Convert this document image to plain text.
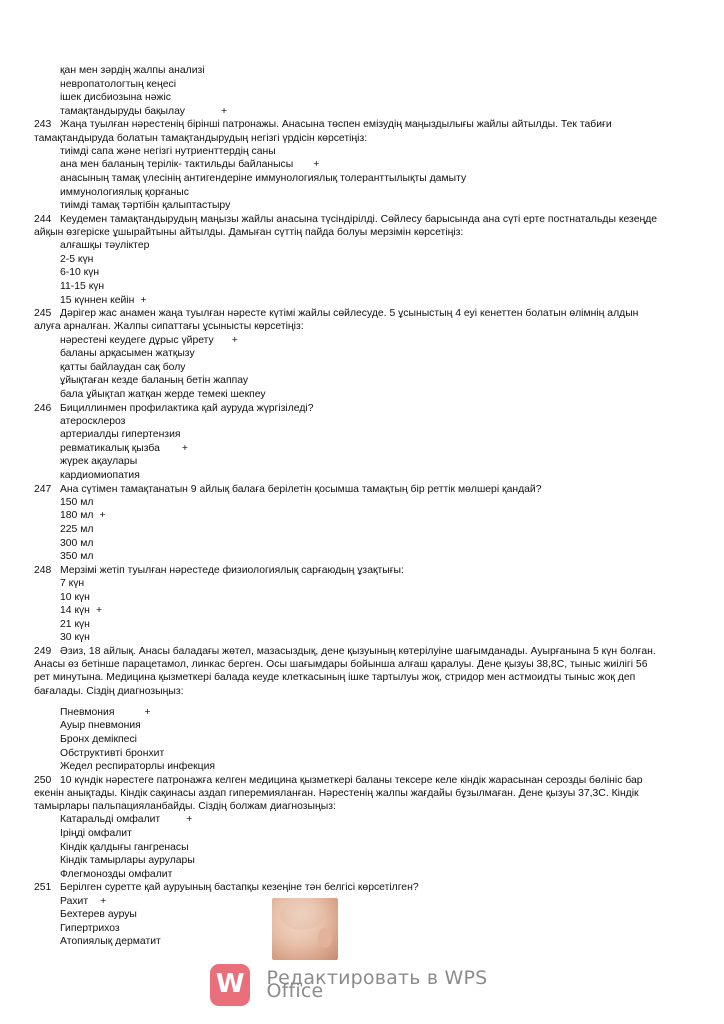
қан мен зәрдің жалпы анализі
невропатологтың кеңесі
ішек дисбиозына нәжіс
тамақтандыруды бақылау	+
243 Жаңа туылған нәрестенің бірінші патронажы. Анасына төспен емізудің маңыздылығы жайлы айтылды. Тек табиғи тамақтандыруда болатын тамақтандырудың негізгі үрдісін көрсетіңіз:
тиімді сапа және негізгі нутриенттердің саны
ана мен баланың терілік- тактильды байланысы +
анасының тамақ үлесінің антигендеріне иммунологиялық толеранттылықты дамыту
иммунологиялық қорғаныс
тиімді тамақ тәртібін қалыптастыру
244 Кеудемен тамақтандырудың маңызы жайлы анасына түсіндірілді. Сөйлесу барысында ана сүті ерте постнатальды кезеңде айқын өзгеріске ұшырайтыны айтылды. Дамыған сүттің пайда болуы мерзімін көрсетіңіз:
алғашқы тәуліктер
2-5 күн
6-10 күн
11-15 күн
15 күннен кейін +
245 Дәрігер жас анамен жаңа туылған нәресте күтімі жайлы сөйлесуде. 5 ұсыныстың 4 еуі кенеттен болатын өлімнің алдын алуға арналған. Жалпы сипаттағы ұсынысты көрсетіңіз:
нәрестені кеудеге дұрыс үйрету +
баланы арқасымен жатқызу
қатты байлаудан сақ болу
ұйықтаған кезде баланың бетін жаппау
бала ұйықтап жатқан жерде темекі шекпеу
246 Бициллинмен профилактика қай ауруда жүргізіледі?
атеросклероз
артериалды гипертензия
ревматикалық қызба +
жүрек ақаулары
кардиомиопатия
247 Ана сүтімен тамақтанатын 9 айлық балаға берілетін қосымша тамақтың бір реттік мөлшері қандай?
150 мл
180 мл +
225 мл
300 мл
350 мл
248 Мерзімі жетіп туылған нәрестеде физиологиялық сарғаюдың ұзақтығы:
7 күн
10 күн
14 күн +
21 күн
30 күн
249 Әзиз, 18 айлық. Анасы баладағы жөтел, мазасыздық, дене қызуының көтерілуіне шағымданады. Ауырғанына 5 күн болған. Анасы өз бетінше парацетамол, линкас берген. Осы шағымдары бойынша алғаш қаралуы. Дене қызуы 38,8С, тыныс жиілігі 56 рет минутына. Медицина қызметкері балада кеудe клеткасының ішке тартылуы жоқ, стридор мен астмоидты тыныс жоқ деп бағалады. Сіздің диагнозыңыз:
Пневмония	+
Ауыр пневмония
Бронх демікпесі
Обструктивті бронхит
Жедел респираторлы инфекция
250 10 күндік нәрестеге патронажға келген медицина қызметкері баланы тексере келе кіндік жарасынан серозды бөлініс бар екенін анықтады. Кіндік сақинасы аздап гиперемияланған. Нәрестенің жалпы жағдайы бұзылмаған. Дене қызуы 37,3С. Кіндік тамырлары пальпацияланбайды. Сіздің болжам диагнозыңыз:
Катаральді омфалит	+
Іріңді омфалит
Кіндік қалдығы гангренасы
Кіндік тамырлары аурулары
Флегмонозды омфалит
251 Берілген суретте қай ауруының бастапқы кезеңіне тән белгісі көрсетілген?
Рахит +
Бехтерев ауруы
Гипертрихоз
Атопиялық дерматит
W Редактировать в WPS Office
